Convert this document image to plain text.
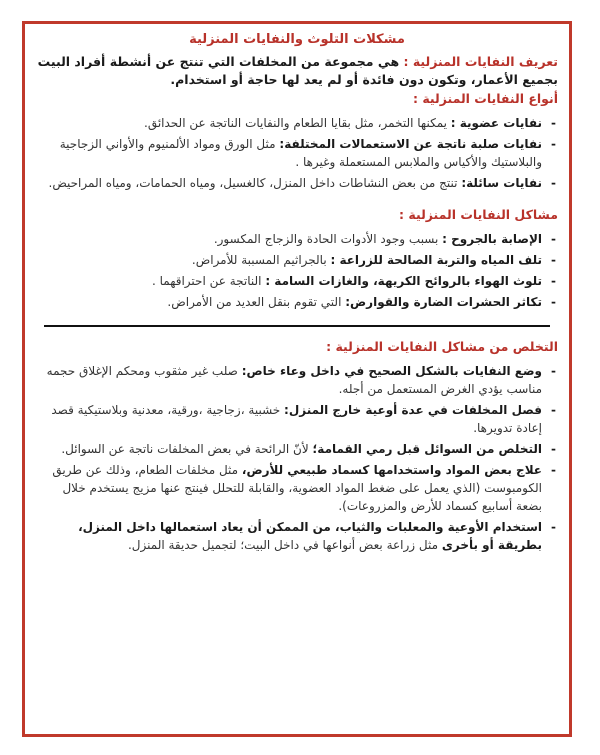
مشكلات التلوث والنفايات المنزلية

تعريف النفايات المنزلية : هي مجموعة من المخلفات التي تنتج عن أنشطة أفراد البيت بجميع الأعمار، وتكون دون فائدة أو لم يعد لها حاجة أو استخدام.

أنواع النفايات المنزلية :
- نفايات عضوية : يمكنها التخمر، مثل بقايا الطعام والنفايات الناتجة عن الحدائق.
- نفايات صلبة ناتجة عن الاستعمالات المختلفة: مثل الورق ومواد الألمنيوم والأواني الزجاجية والبلاستيك والأكياس والملابس المستعملة وغيرها .
- نفايات سائلة: تنتج من بعض النشاطات داخل المنزل، كالغسيل، ومياه الحمامات، ومياه المراحيض.
مشاكل النفايات المنزلية :
- الإصابة بالجروح : بسبب وجود الأدوات الحادة والزجاج المكسور.
- تلف المياه والتربة الصالحة للزراعة : بالجراثيم المسببة للأمراض.
- تلوث الهواء بالروائح الكريهة، والغازات السامة : الناتجة عن احتراقهما .
- تكاثر الحشرات الضارة والقوارض: التي تقوم بنقل العديد من الأمراض.
التخلص من مشاكل النفايات المنزلية :
- وضع النفايات بالشكل الصحيح في داخل وعاء خاص: صلب غير مثقوب ومحكم الإغلاق حجمه مناسب يؤدي الغرض المستعمل من أجله.
- فصل المخلفات في عدة أوعية خارج المنزل: خشبية ،زجاجية ،ورقية، معدنية وبلاستيكية قصد إعادة تدويرها.
- التخلص من السوائل قبل رمي القمامة؛ لأنّ الرائحة في بعض المخلفات ناتجة عن السوائل.
- علاج بعض المواد واستخدامها كسماد طبيعي للأرض، مثل مخلفات الطعام، وذلك عن طريق الكومبوست (الذي يعمل على ضغط المواد العضوية، والقابلة للتحلل فينتج عنها مزيج يستخدم خلال بضعة أسابيع كسماد للأرض والمزروعات).
- استخدام الأوعية والمعلبات والثياب، من الممكن أن يعاد استعمالها داخل المنزل، بطريقة أو بأخرى مثل زراعة بعض أنواعها في داخل البيت؛ لتجميل حديقة المنزل.
